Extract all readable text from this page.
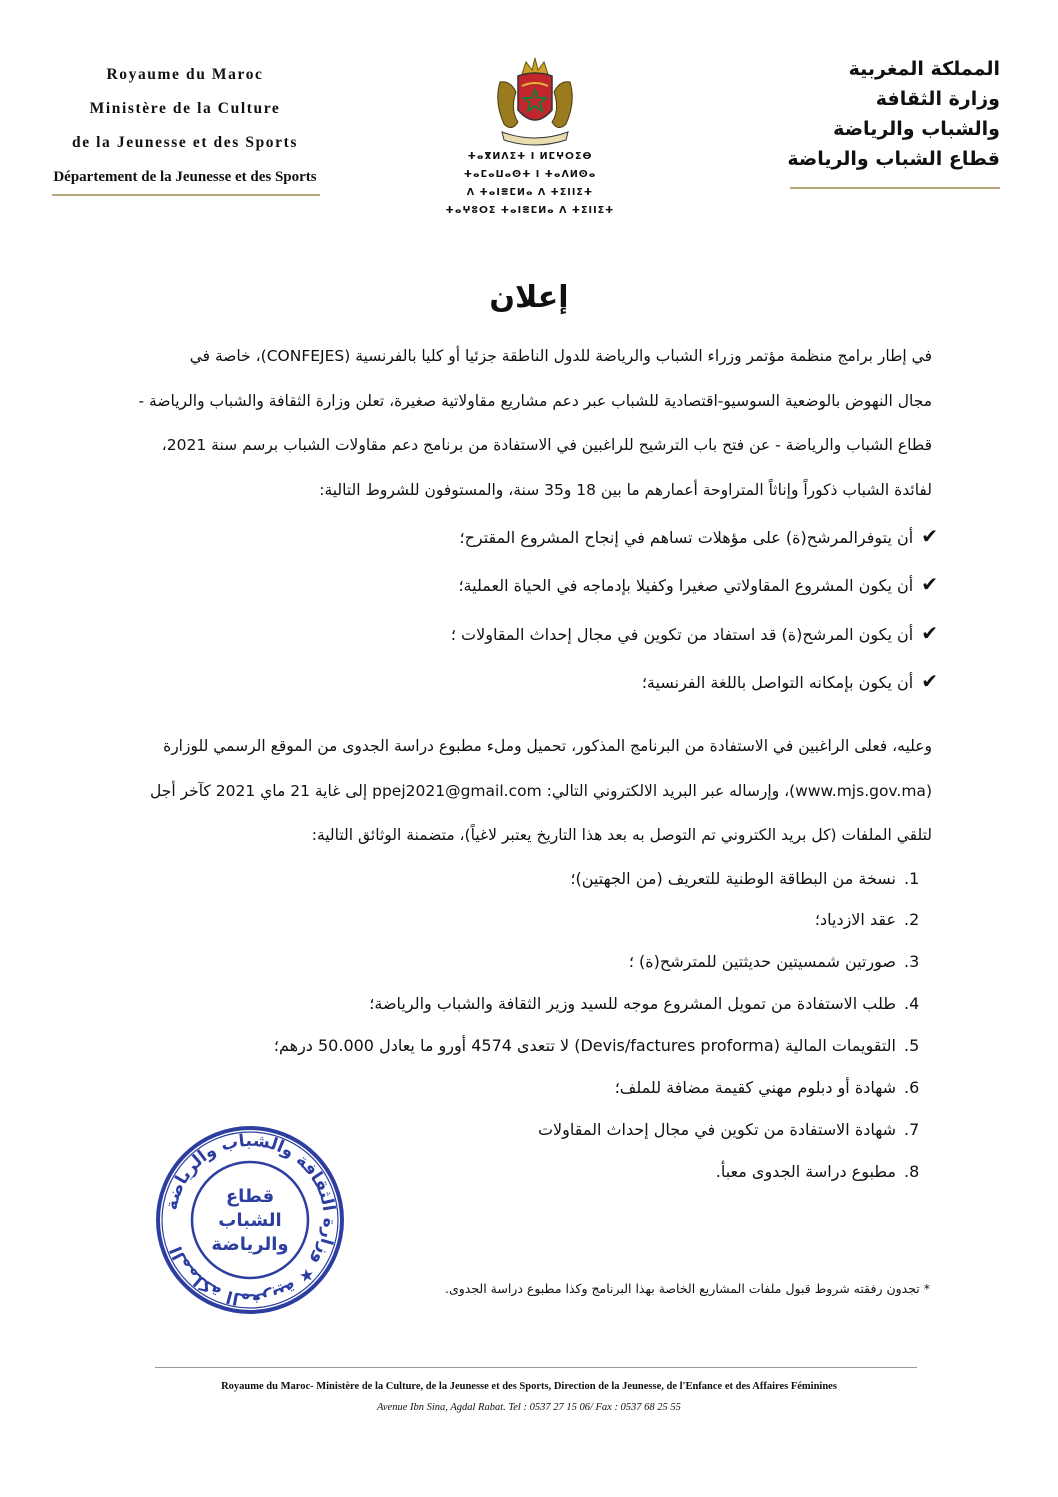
Royaume du Maroc
Ministère de la Culture
de la Jeunesse et des Sports
Département de la Jeunesse et des Sports
ⵜⴰⴳⵍⴷⵉⵜ ⵏ ⵍⵎⵖⵔⵉⴱ
ⵜⴰⵎⴰⵡⴰⵙⵜ ⵏ ⵜⴰⴷⵍⵙⴰ
ⴷ ⵜⴰⵏⴻⵎⵍⴰ ⴷ ⵜⵉⵏⵏⵉⵜ
ⵜⴰⵖⵓⵔⵉ ⵜⴰⵏⴻⵎⵍⴰ ⴷ ⵜⵉⵏⵏⵉⵜ
المملكة المغربية
وزارة الثقافة
والشباب والرياضة
قطاع الشباب والرياضة
إعلان
في إطار برامج منظمة مؤتمر وزراء الشباب والرياضة للدول الناطقة جزئيا أو كليا بالفرنسية (CONFEJES)، خاصة في
مجال النهوض بالوضعية السوسيو-اقتصادية للشباب عبر دعم مشاريع مقاولاتية صغيرة، تعلن وزارة الثقافة والشباب والرياضة -
قطاع الشباب والرياضة - عن فتح باب الترشيح للراغبين في الاستفادة من برنامج دعم مقاولات الشباب برسم سنة 2021،
لفائدة الشباب ذكوراً وإناثاً المتراوحة أعمارهم ما بين 18 و35 سنة، والمستوفون للشروط التالية:
✔أن يتوفرالمرشح(ة) على مؤهلات تساهم في إنجاح المشروع المقترح؛
✔أن يكون المشروع المقاولاتي صغيرا وكفيلا بإدماجه في الحياة العملية؛
✔أن يكون المرشح(ة) قد استفاد من تكوين في مجال إحداث المقاولات ؛
✔أن يكون بإمكانه التواصل باللغة الفرنسية؛
وعليه، فعلى الراغبين في الاستفادة من البرنامج المذكور، تحميل وملء مطبوع دراسة الجدوى من الموقع الرسمي للوزارة
(www.mjs.gov.ma)، وإرساله عبر البريد الالكتروني التالي: ppej2021@gmail.com إلى غاية 21 ماي 2021 كآخر أجل
لتلقي الملفات (كل بريد الكتروني تم التوصل به بعد هذا التاريخ يعتبر لاغياً)، متضمنة الوثائق التالية:
1.نسخة من البطاقة الوطنية للتعريف (من الجهتين)؛
2.عقد الازدياد؛
3.صورتين شمسيتين حديثتين للمترشح(ة) ؛
4.طلب الاستفادة من تمويل المشروع موجه للسيد وزير الثقافة والشباب والرياضة؛
5.التقويمات المالية (Devis/factures proforma) لا تتعدى 4574 أورو ما يعادل 50.000 درهم؛
6.شهادة أو دبلوم مهني كقيمة مضافة للملف؛
7.شهادة الاستفادة من تكوين في مجال إحداث المقاولات
8.مطبوع دراسة الجدوى معبأ.
المملكة المغربية ★ وزارة الثقافة والشباب والرياضة
قطاع
الشباب
والرياضة
* تجدون رفقته شروط قبول ملفات المشاريع الخاصة بهذا البرنامج وكذا مطبوع دراسة الجدوى.
Royaume du Maroc- Ministère de la Culture, de la Jeunesse et des Sports, Direction de la Jeunesse, de l'Enfance et des Affaires Féminines
Avenue Ibn Sina, Agdal Rabat. Tel : 0537 27 15 06/ Fax : 0537 68 25 55
